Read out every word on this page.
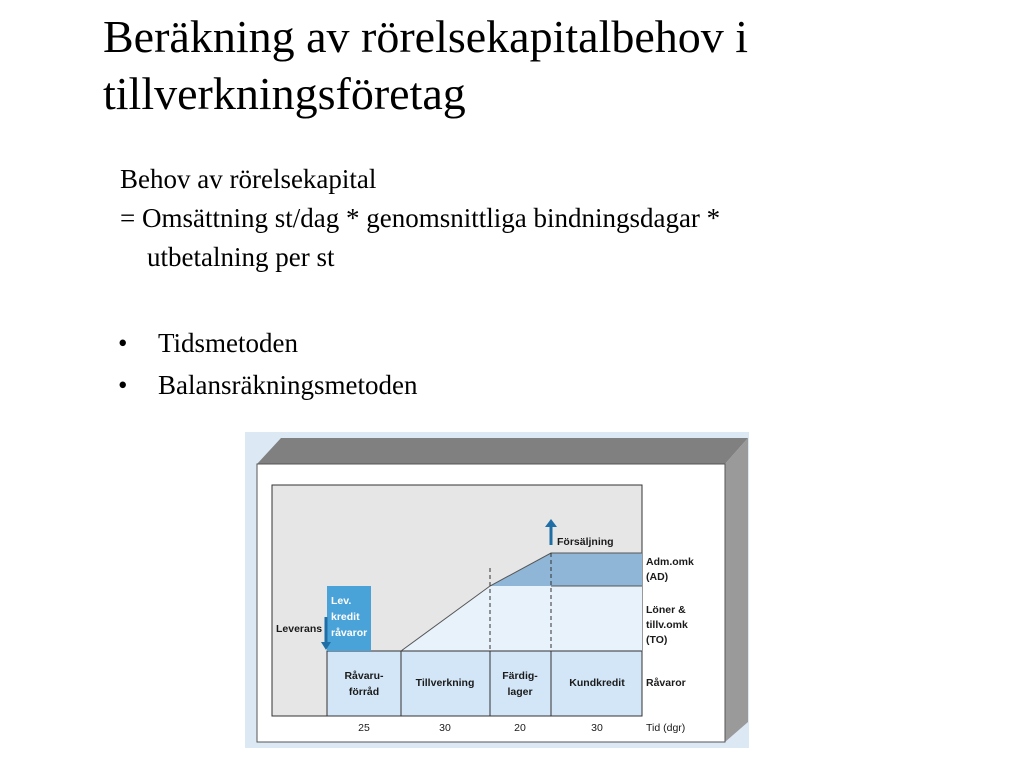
Beräkning av rörelsekapitalbehov i
tillverkningsföretag
Behov av rörelsekapital
= Omsättning st/dag * genomsnittliga bindningsdagar *
utbetalning per st
• Tidsmetoden
• Balansräkningsmetoden
Leverans
Lev.
kredit
råvaror
Försäljning
Råvaru-
förråd
Tillverkning
Färdig-
lager
Kundkredit
Adm.omk
(AD)
Löner &
tillv.omk
(TO)
Råvaror
25	30	20	30	Tid (dgr)
